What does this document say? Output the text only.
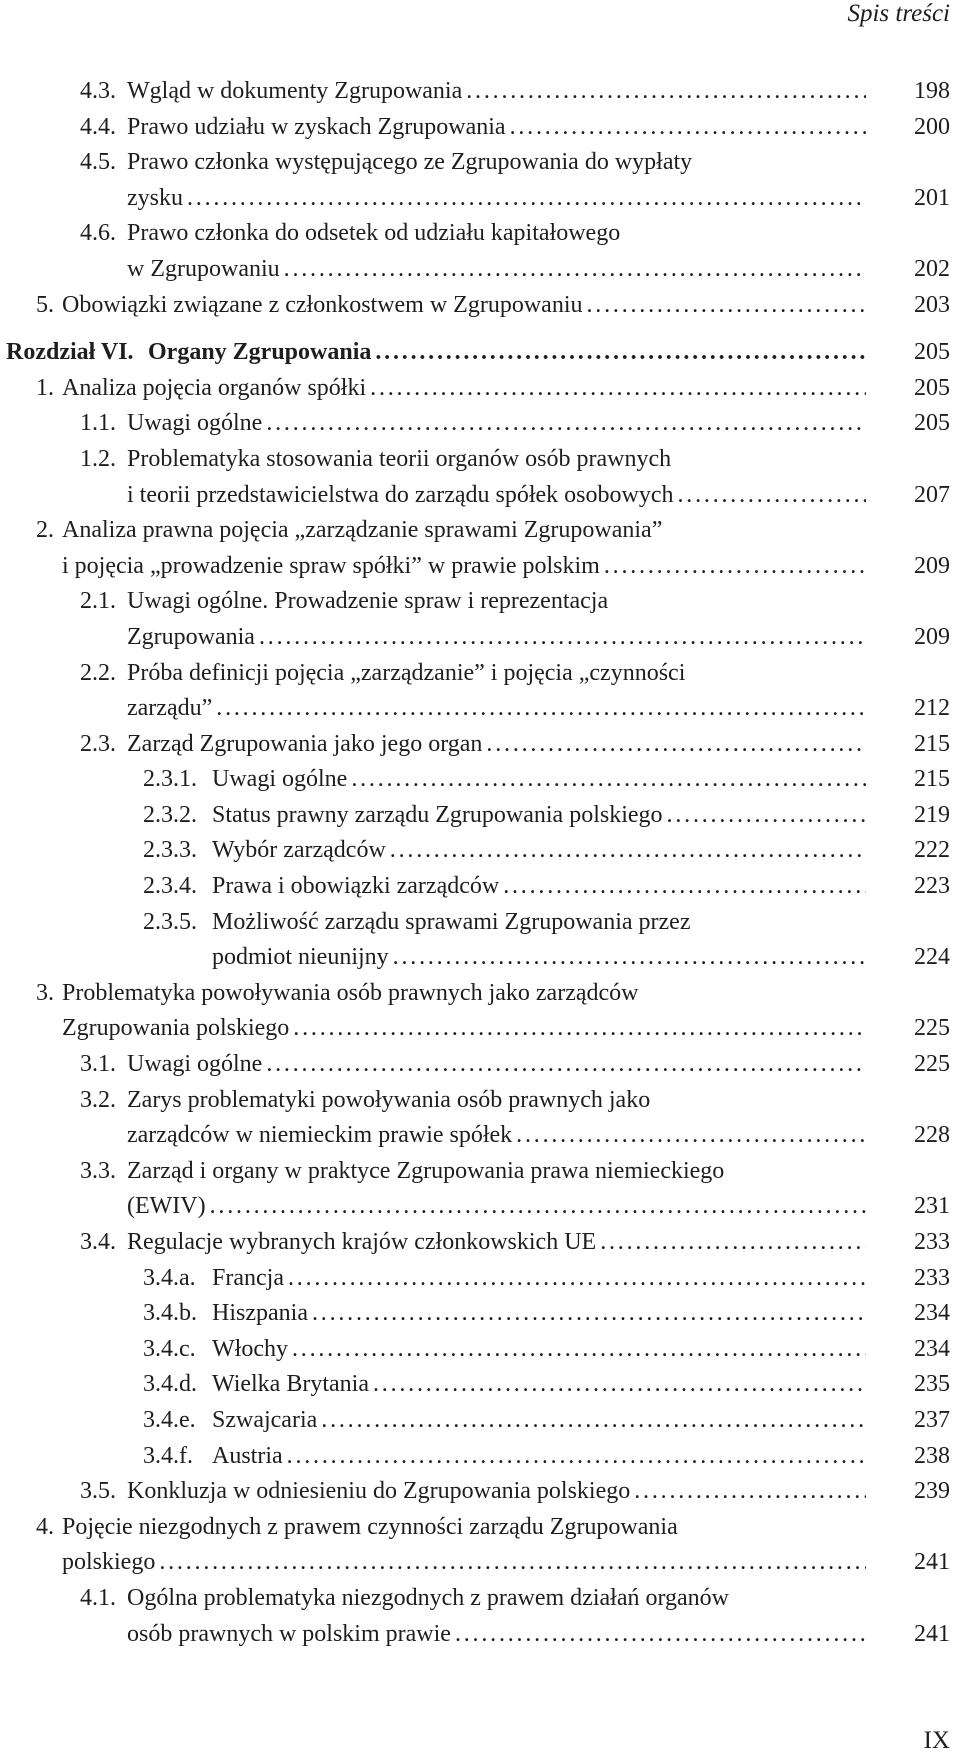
Spis treści
4.3. Wgląd w dokumenty Zgrupowania . . .	198
4.4. Prawo udziału w zyskach Zgrupowania . . .	200
4.5. Prawo członka występującego ze Zgrupowania do wypłaty
zysku . . .	201
4.6. Prawo członka do odsetek od udziału kapitałowego
w Zgrupowaniu . . .	202
5. Obowiązki związane z członkostwem w Zgrupowaniu . . .	203
Rozdział VI. Organy Zgrupowania . . .	205
1. Analiza pojęcia organów spółki . . .	205
1.1. Uwagi ogólne . . .	205
1.2. Problematyka stosowania teorii organów osób prawnych
i teorii przedstawicielstwa do zarządu spółek osobowych . . .	207
2. Analiza prawna pojęcia „zarządzanie sprawami Zgrupowania”
i pojęcia „prowadzenie spraw spółki” w prawie polskim . . .	209
2.1. Uwagi ogólne. Prowadzenie spraw i reprezentacja
Zgrupowania . . .	209
2.2. Próba definicji pojęcia „zarządzanie” i pojęcia „czynności
zarządu” . . .	212
2.3. Zarząd Zgrupowania jako jego organ . . .	215
2.3.1. Uwagi ogólne . . .	215
2.3.2. Status prawny zarządu Zgrupowania polskiego . . .	219
2.3.3. Wybór zarządców . . .	222
2.3.4. Prawa i obowiązki zarządców . . .	223
2.3.5. Możliwość zarządu sprawami Zgrupowania przez
podmiot nieunijny . . .	224
3. Problematyka powoływania osób prawnych jako zarządców
Zgrupowania polskiego . . .	225
3.1. Uwagi ogólne . . .	225
3.2. Zarys problematyki powoływania osób prawnych jako
zarządców w niemieckim prawie spółek . . .	228
3.3. Zarząd i organy w praktyce Zgrupowania prawa niemieckiego
(EWIV) . . .	231
3.4. Regulacje wybranych krajów członkowskich UE . . .	233
3.4.a. Francja . . .	233
3.4.b. Hiszpania . . .	234
3.4.c. Włochy . . .	234
3.4.d. Wielka Brytania . . .	235
3.4.e. Szwajcaria . . .	237
3.4.f. Austria . . .	238
3.5. Konkluzja w odniesieniu do Zgrupowania polskiego . . .	239
4. Pojęcie niezgodnych z prawem czynności zarządu Zgrupowania
polskiego . . .	241
4.1. Ogólna problematyka niezgodnych z prawem działań organów
osób prawnych w polskim prawie . . .	241
IX
